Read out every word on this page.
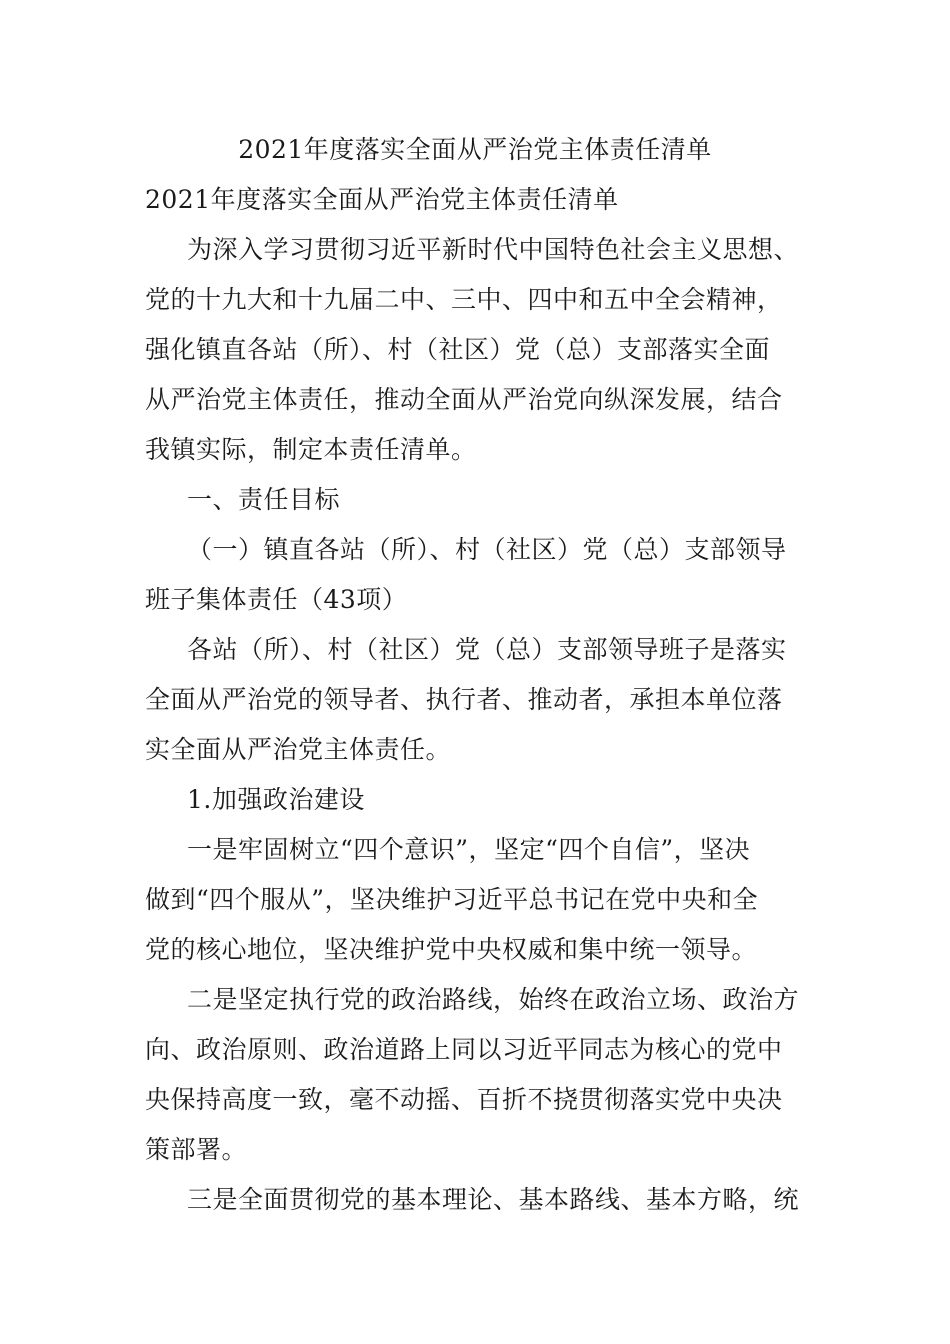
2021年度落实全面从严治党主体责任清单
2021年度落实全面从严治党主体责任清单
为深入学习贯彻习近平新时代中国特色社会主义思想、
党的十九大和十九届二中、三中、四中和五中全会精神，
强化镇直各站（所）、村（社区）党（总）支部落实全面
从严治党主体责任，推动全面从严治党向纵深发展，结合
我镇实际，制定本责任清单。
一、责任目标
（一）镇直各站（所）、村（社区）党（总）支部领导
班子集体责任（43项）
各站（所）、村（社区）党（总）支部领导班子是落实
全面从严治党的领导者、执行者、推动者，承担本单位落
实全面从严治党主体责任。
1.加强政治建设
一是牢固树立“四个意识”，坚定“四个自信”，坚决
做到“四个服从”，坚决维护习近平总书记在党中央和全
党的核心地位，坚决维护党中央权威和集中统一领导。
二是坚定执行党的政治路线，始终在政治立场、政治方
向、政治原则、政治道路上同以习近平同志为核心的党中
央保持高度一致，毫不动摇、百折不挠贯彻落实党中央决
策部署。
三是全面贯彻党的基本理论、基本路线、基本方略，统
